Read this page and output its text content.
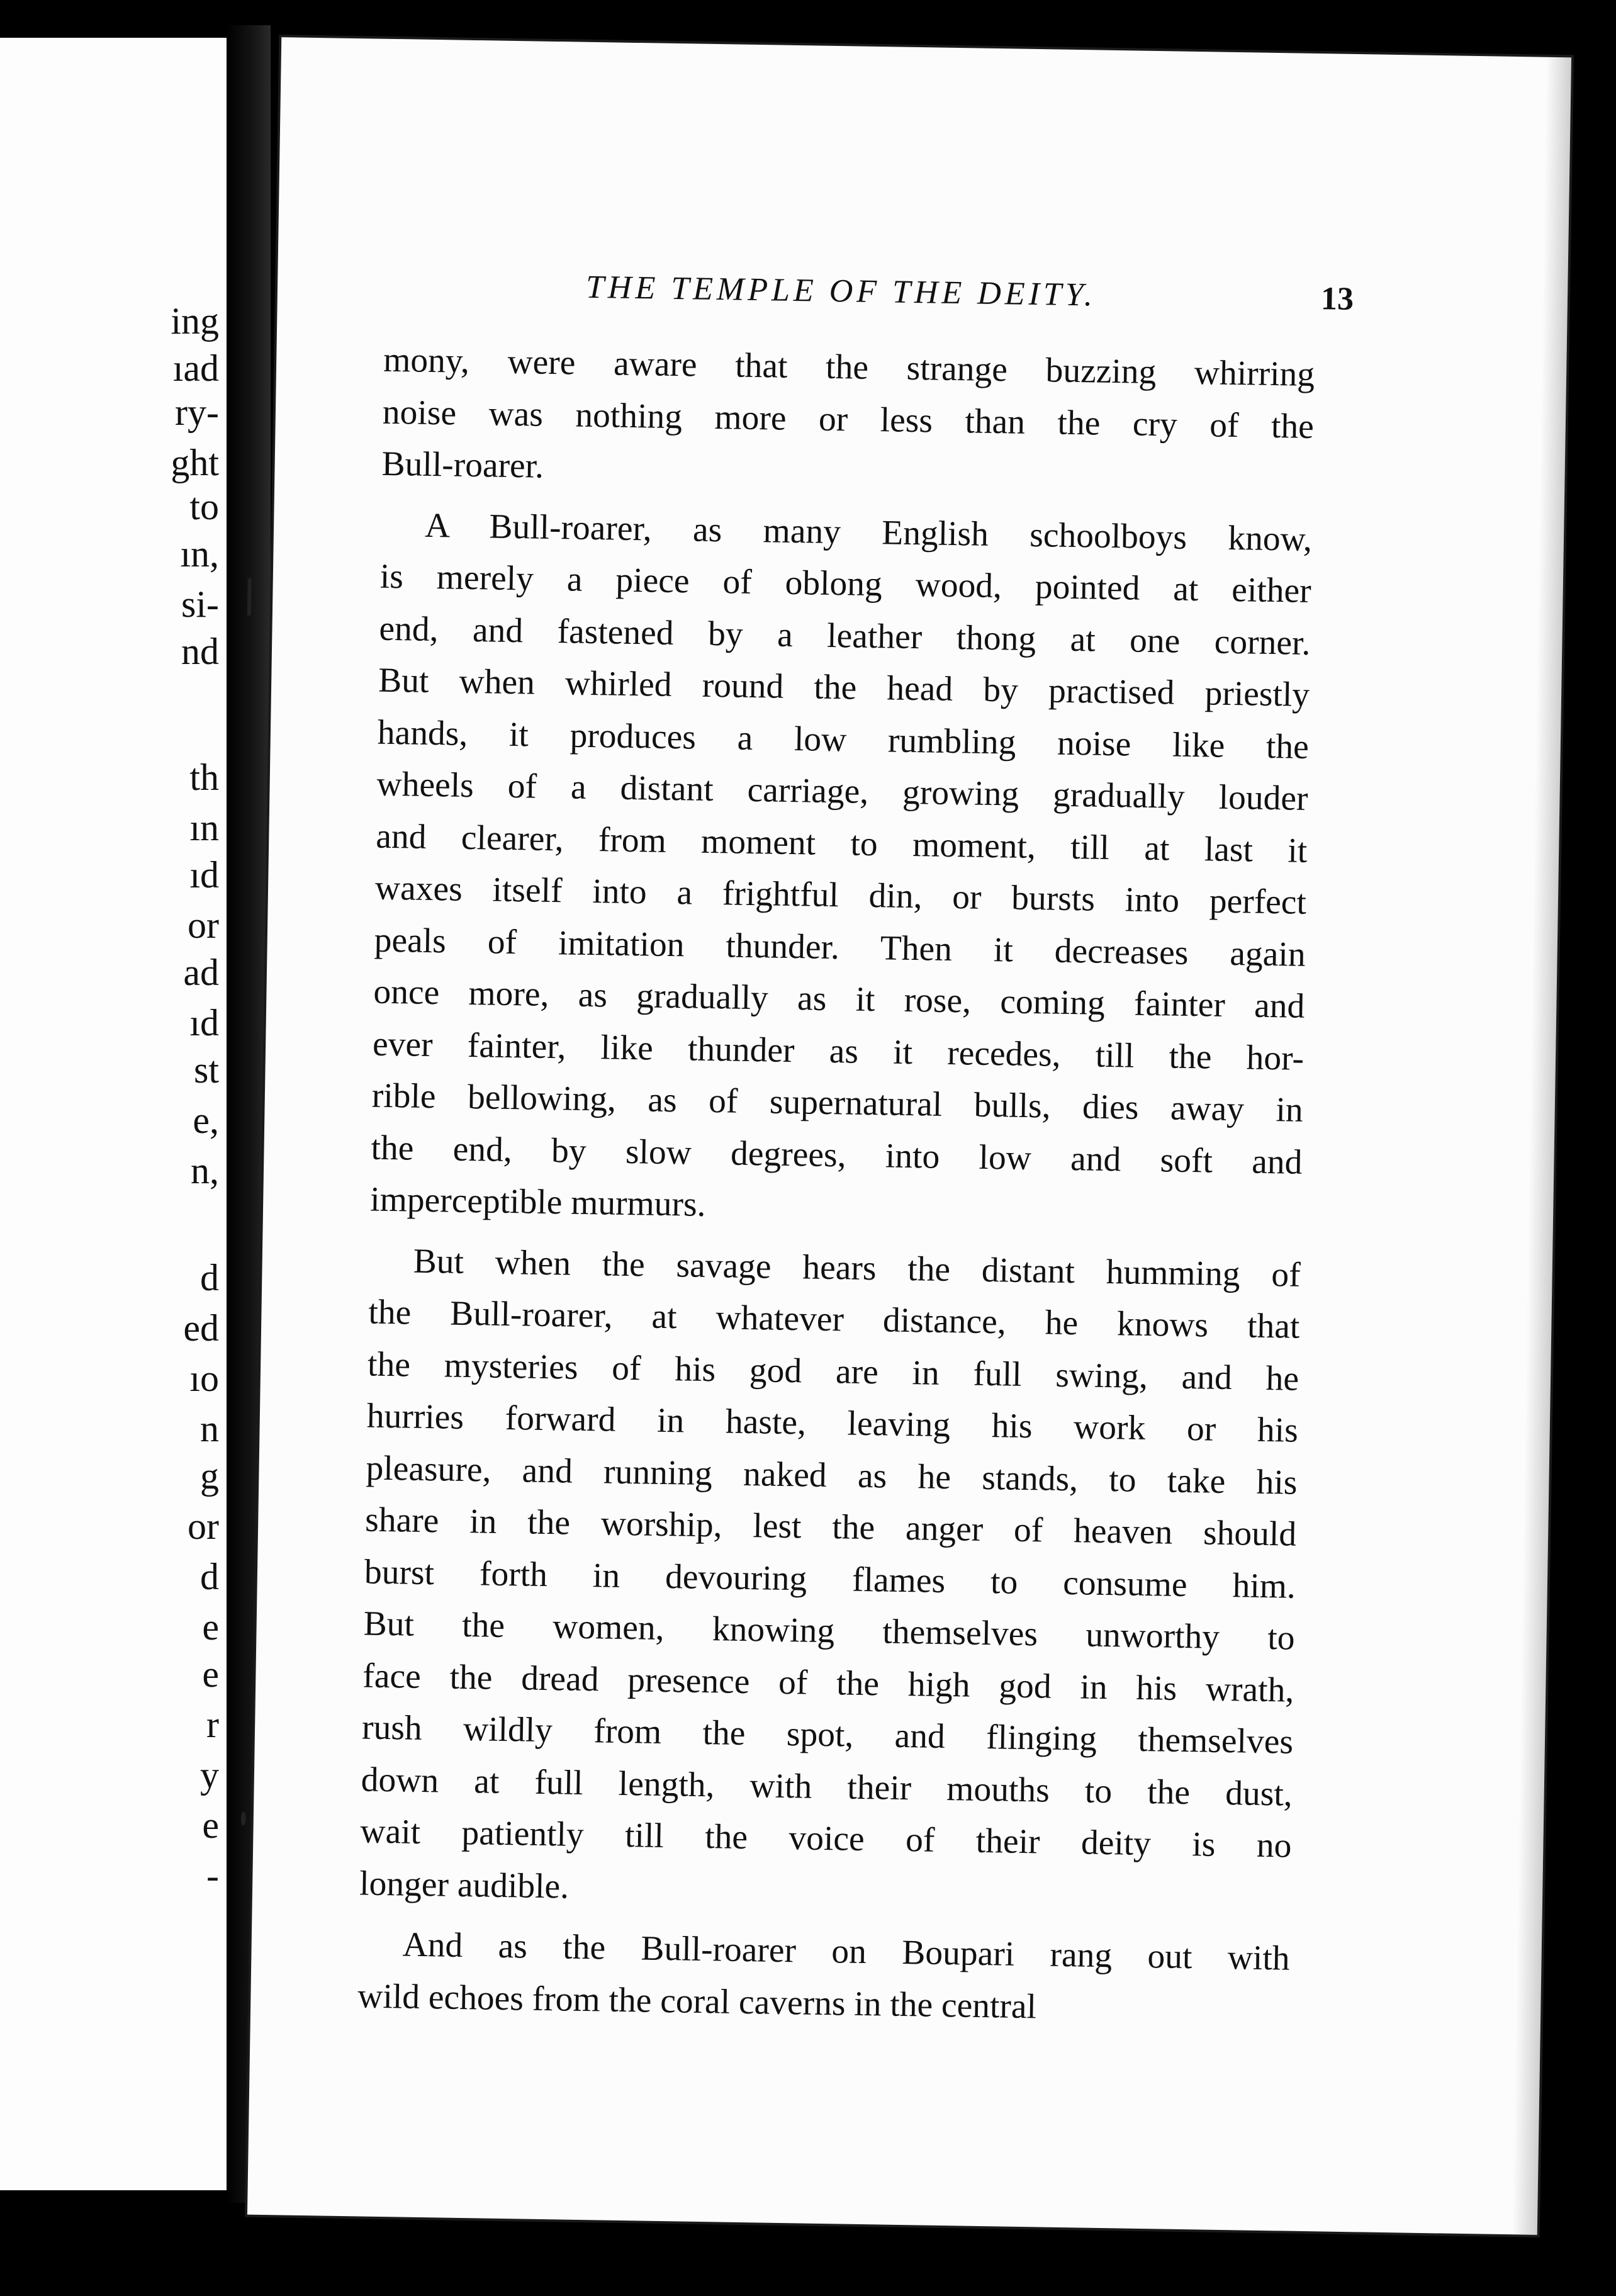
ing
ıad
ry-
ght
to
ın,
si-
nd
th
ın
ıd
or
ad
ıd
st
e,
n,
d
ed
ıo
n
g
or
d
e
e
r
y
e
-
THE TEMPLE OF THE DEITY.	13
mony, were aware that the strange buzzing whirring
noise was nothing more or less than the cry of the
Bull-roarer.
A Bull-roarer, as many English schoolboys know,
is merely a piece of oblong wood, pointed at either
end, and fastened by a leather thong at one corner.
But when whirled round the head by practised priestly
hands, it produces a low rumbling noise like the
wheels of a distant carriage, growing gradually louder
and clearer, from moment to moment, till at last it
waxes itself into a frightful din, or bursts into perfect
peals of imitation thunder. Then it decreases again
once more, as gradually as it rose, coming fainter and
ever fainter, like thunder as it recedes, till the hor-
rible bellowing, as of supernatural bulls, dies away in
the end, by slow degrees, into low and soft and
imperceptible murmurs.
But when the savage hears the distant humming of
the Bull-roarer, at whatever distance, he knows that
the mysteries of his god are in full swing, and he
hurries forward in haste, leaving his work or his
pleasure, and running naked as he stands, to take his
share in the worship, lest the anger of heaven should
burst forth in devouring flames to consume him.
But the women, knowing themselves unworthy to
face the dread presence of the high god in his wrath,
rush wildly from the spot, and flinging themselves
down at full length, with their mouths to the dust,
wait patiently till the voice of their deity is no
longer audible.
And as the Bull-roarer on Boupari rang out with
wild echoes from the coral caverns in the central
